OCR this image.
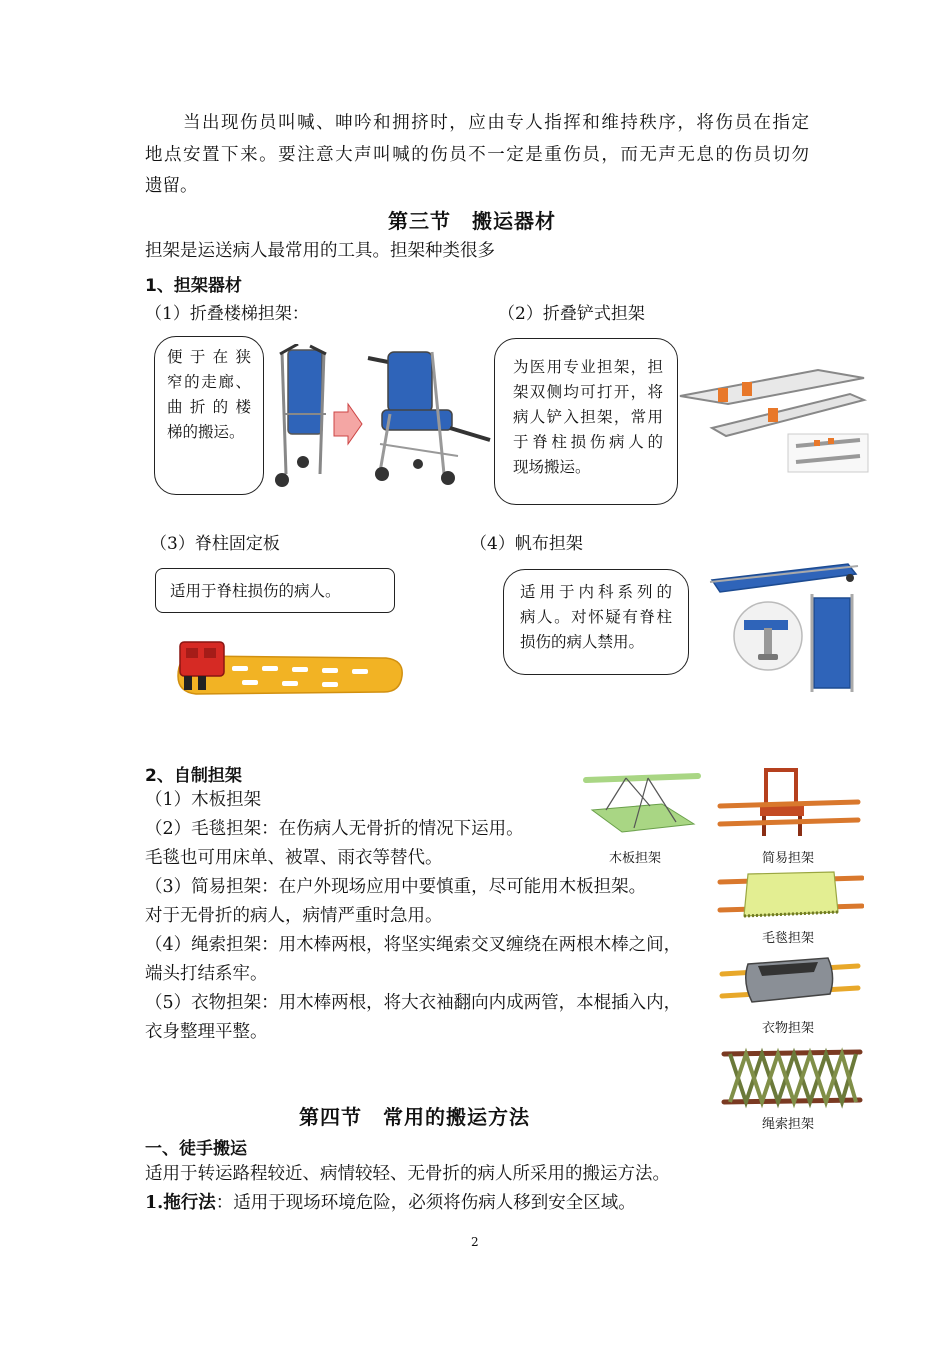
当出现伤员叫喊、呻吟和拥挤时，应由专人指挥和维持秩序，将伤员在指定
地点安置下来。要注意大声叫喊的伤员不一定是重伤员，而无声无息的伤员切勿
遗留。
第三节　搬运器材
担架是运送病人最常用的工具。担架种类很多
1、担架器材
（1）折叠楼梯担架：
便于在狭
窄的走廊、
曲折的楼
梯的搬运。
（2）折叠铲式担架
为医用专业担架，担
架双侧均可打开，将
病人铲入担架，常用
于脊柱损伤病人的
现场搬运。
（3）脊柱固定板
适用于脊柱损伤的病人。
（4）帆布担架
适用于内科系列的
病人。对怀疑有脊柱
损伤的病人禁用。
2、自制担架
（1）木板担架
（2）毛毯担架：在伤病人无骨折的情况下运用。
毛毯也可用床单、被罩、雨衣等替代。
（3）简易担架：在户外现场应用中要慎重，尽可能用木板担架。
对于无骨折的病人，病情严重时急用。
（4）绳索担架：用木棒两根，将坚实绳索交叉缠绕在两根木棒之间，
端头打结系牢。
（5）衣物担架：用木棒两根，将大衣袖翻向内成两管，本棍插入内，
衣身整理平整。
木板担架	简易担架
毛毯担架
衣物担架
绳索担架
第四节　常用的搬运方法
一、徒手搬运
适用于转运路程较近、病情较轻、无骨折的病人所采用的搬运方法。
1.拖行法：适用于现场环境危险，必须将伤病人移到安全区域。
2
